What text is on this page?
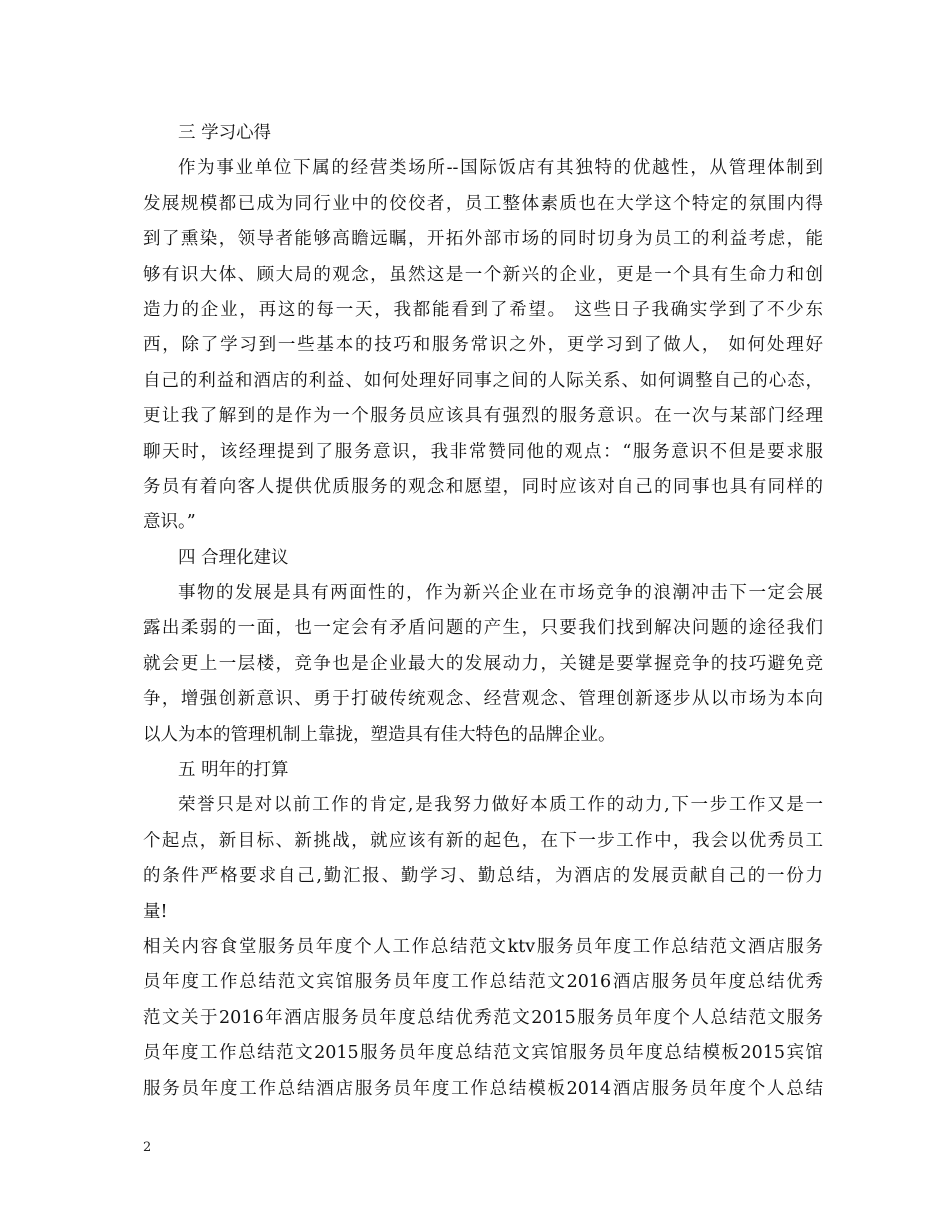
三 学习心得
作为事业单位下属的经营类场所--国际饭店有其独特的优越性，从管理体制到
发展规模都已成为同行业中的佼佼者，员工整体素质也在大学这个特定的氛围内得
到了熏染，领导者能够高瞻远瞩，开拓外部市场的同时切身为员工的利益考虑，能
够有识大体、顾大局的观念，虽然这是一个新兴的企业，更是一个具有生命力和创
造力的企业，再这的每一天，我都能看到了希望。 这些日子我确实学到了不少东
西，除了学习到一些基本的技巧和服务常识之外，更学习到了做人， 如何处理好
自己的利益和酒店的利益、如何处理好同事之间的人际关系、如何调整自己的心态，
更让我了解到的是作为一个服务员应该具有强烈的服务意识。在一次与某部门经理
聊天时，该经理提到了服务意识，我非常赞同他的观点：“服务意识不但是要求服
务员有着向客人提供优质服务的观念和愿望，同时应该对自己的同事也具有同样的
意识。”
四 合理化建议
事物的发展是具有两面性的，作为新兴企业在市场竞争的浪潮冲击下一定会展
露出柔弱的一面，也一定会有矛盾问题的产生，只要我们找到解决问题的途径我们
就会更上一层楼，竞争也是企业最大的发展动力，关键是要掌握竞争的技巧避免竞
争，增强创新意识、勇于打破传统观念、经营观念、管理创新逐步从以市场为本向
以人为本的管理机制上靠拢，塑造具有佳大特色的品牌企业。
五 明年的打算
荣誉只是对以前工作的肯定,是我努力做好本质工作的动力,下一步工作又是一
个起点，新目标、新挑战，就应该有新的起色，在下一步工作中，我会以优秀员工
的条件严格要求自己,勤汇报、勤学习、勤总结，为酒店的发展贡献自己的一份力
量!
相关内容食堂服务员年度个人工作总结范文ktv服务员年度工作总结范文酒店服务
员年度工作总结范文宾馆服务员年度工作总结范文2016酒店服务员年度总结优秀
范文关于2016年酒店服务员年度总结优秀范文2015服务员年度个人总结范文服务
员年度工作总结范文2015服务员年度总结范文宾馆服务员年度总结模板2015宾馆
服务员年度工作总结酒店服务员年度工作总结模板2014酒店服务员年度个人总结
2
